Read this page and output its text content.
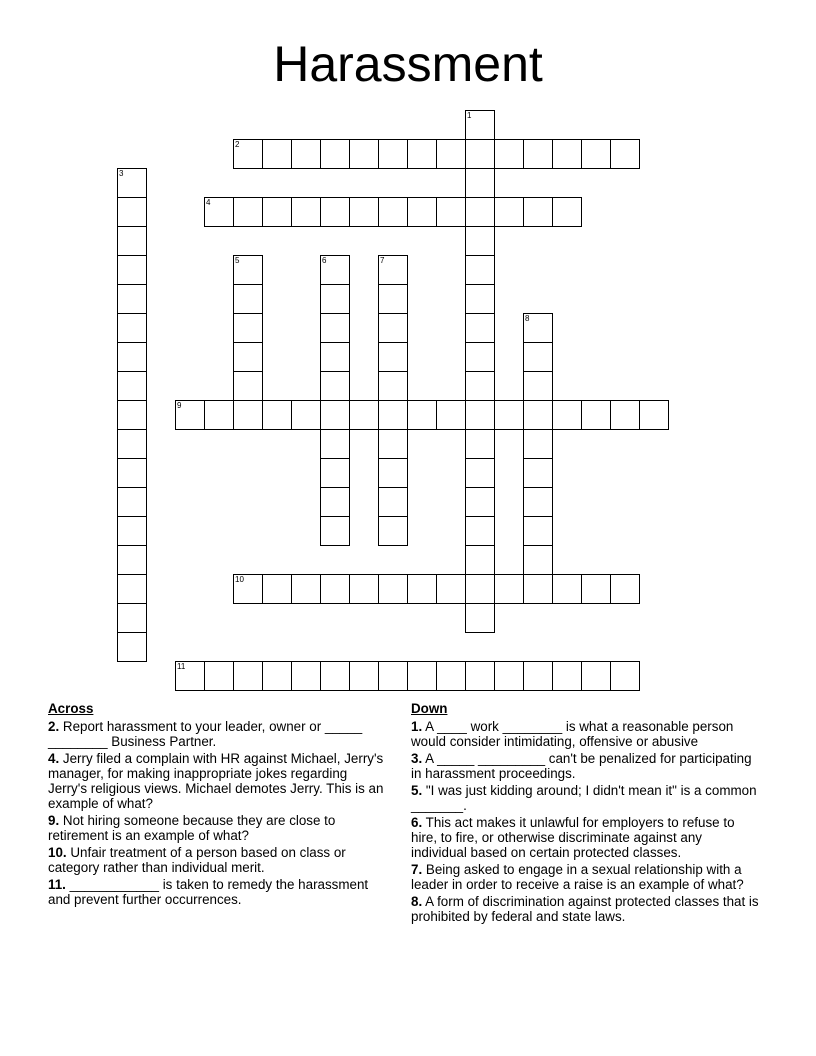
Harassment
1
2
3
4
5	6	7
8
9
10
11
Across
2. Report harassment to your leader, owner or _____ ________ Business Partner.
4. Jerry filed a complain with HR against Michael, Jerry's manager, for making inappropriate jokes regarding Jerry's religious views. Michael demotes Jerry. This is an example of what?
9. Not hiring someone because they are close to retirement is an example of what?
10. Unfair treatment of a person based on class or category rather than individual merit.
11. ____________ is taken to remedy the harassment and prevent further occurrences.
Down
1. A ____ work ________ is what a reasonable person would consider intimidating, offensive or abusive
3. A _____ _________ can't be penalized for participating in harassment proceedings.
5. "I was just kidding around; I didn't mean it" is a common _______.
6. This act makes it unlawful for employers to refuse to hire, to fire, or otherwise discriminate against any individual based on certain protected classes.
7. Being asked to engage in a sexual relationship with a leader in order to receive a raise is an example of what?
8. A form of discrimination against protected classes that is prohibited by federal and state laws.
